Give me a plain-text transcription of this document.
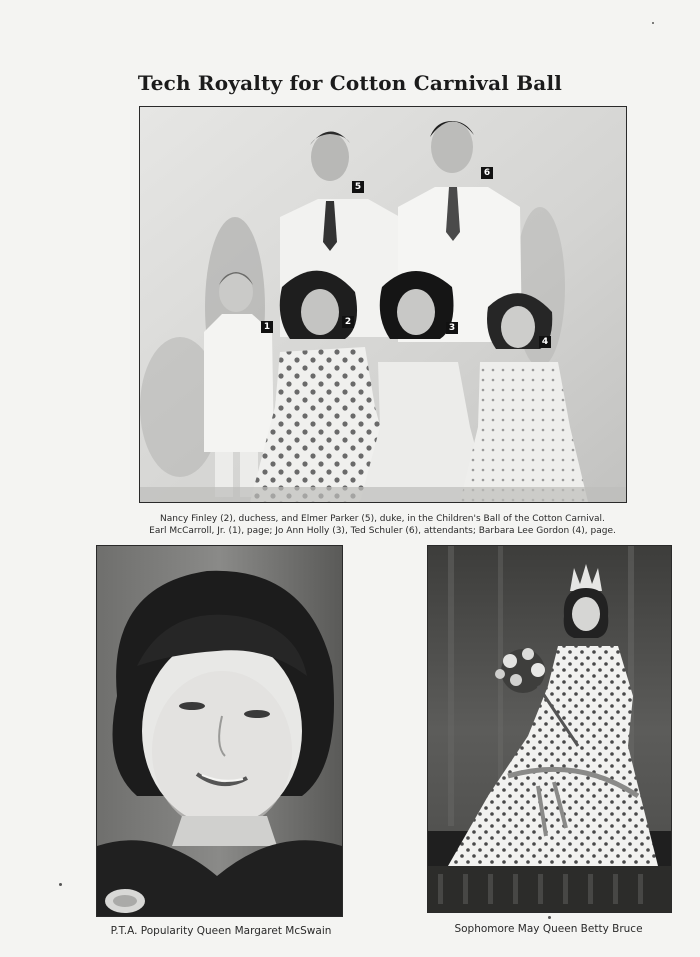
Tech Royalty for Cotton Carnival Ball
1	2
3
4
5
6
Nancy Finley (2), duchess, and Elmer Parker (5), duke, in the Children's Ball of the Cotton Carnival.
Earl McCarroll, Jr. (1), page; Jo Ann Holly (3), Ted Schuler (6), attendants; Barbara Lee Gordon (4), page.
P.T.A. Popularity Queen Margaret McSwain	Sophomore May Queen Betty Bruce
